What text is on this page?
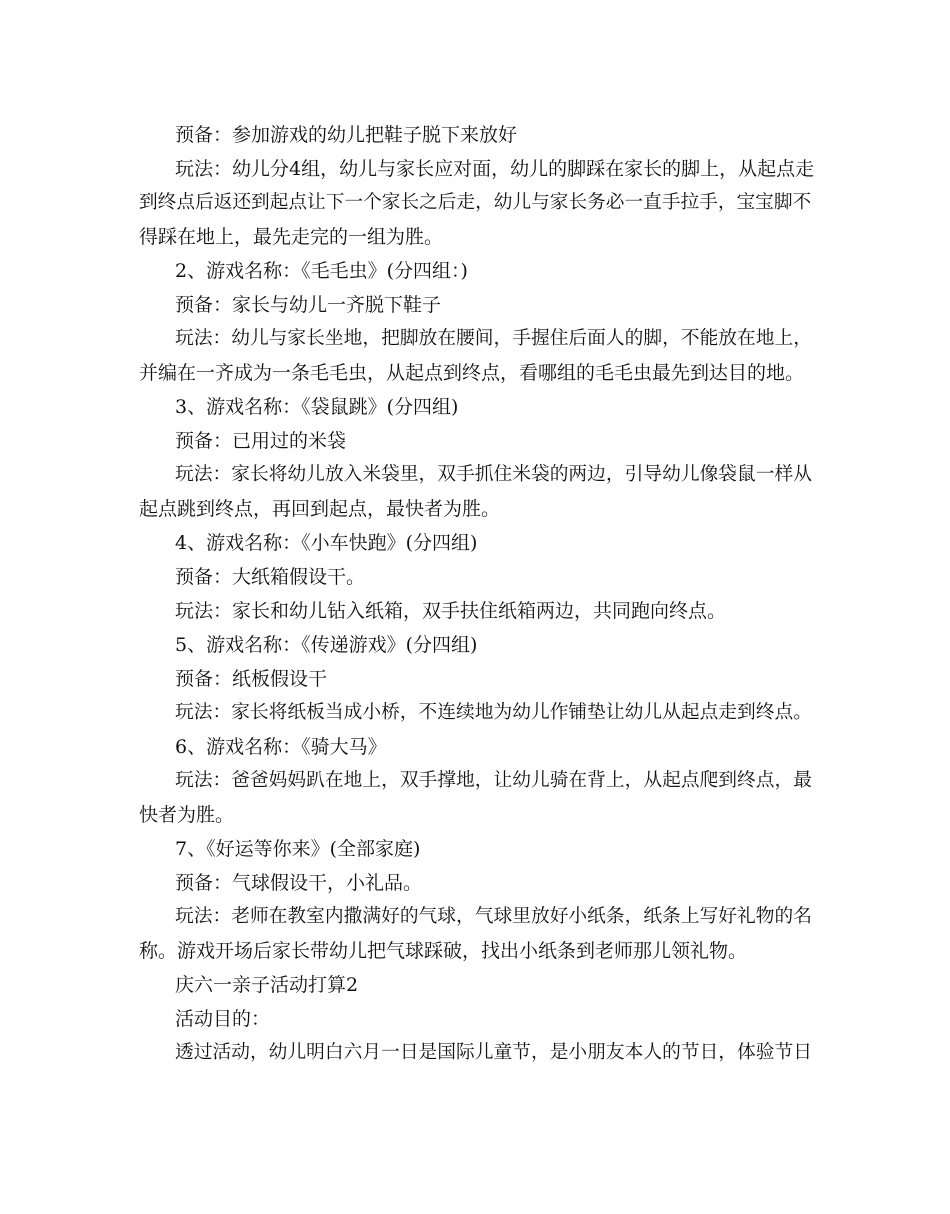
预备：参加游戏的幼儿把鞋子脱下来放好
玩法：幼儿分4组，幼儿与家长应对面，幼儿的脚踩在家长的脚上，从起点走
到终点后返还到起点让下一个家长之后走，幼儿与家长务必一直手拉手，宝宝脚不
得踩在地上，最先走完的一组为胜。
2、游戏名称：《毛毛虫》(分四组：)
预备：家长与幼儿一齐脱下鞋子
玩法：幼儿与家长坐地，把脚放在腰间，手握住后面人的脚，不能放在地上，
并编在一齐成为一条毛毛虫，从起点到终点，看哪组的毛毛虫最先到达目的地。
3、游戏名称：《袋鼠跳》(分四组)
预备：已用过的米袋
玩法：家长将幼儿放入米袋里，双手抓住米袋的两边，引导幼儿像袋鼠一样从
起点跳到终点，再回到起点，最快者为胜。
4、游戏名称：《小车快跑》(分四组)
预备：大纸箱假设干。
玩法：家长和幼儿钻入纸箱，双手扶住纸箱两边，共同跑向终点。
5、游戏名称：《传递游戏》(分四组)
预备：纸板假设干
玩法：家长将纸板当成小桥，不连续地为幼儿作铺垫让幼儿从起点走到终点。
6、游戏名称：《骑大马》
玩法：爸爸妈妈趴在地上，双手撑地，让幼儿骑在背上，从起点爬到终点，最
快者为胜。
7、《好运等你来》(全部家庭)
预备：气球假设干，小礼品。
玩法：老师在教室内撒满好的气球，气球里放好小纸条，纸条上写好礼物的名
称。游戏开场后家长带幼儿把气球踩破，找出小纸条到老师那儿领礼物。
庆六一亲子活动打算2
活动目的：
透过活动，幼儿明白六月一日是国际儿童节，是小朋友本人的节日，体验节日
